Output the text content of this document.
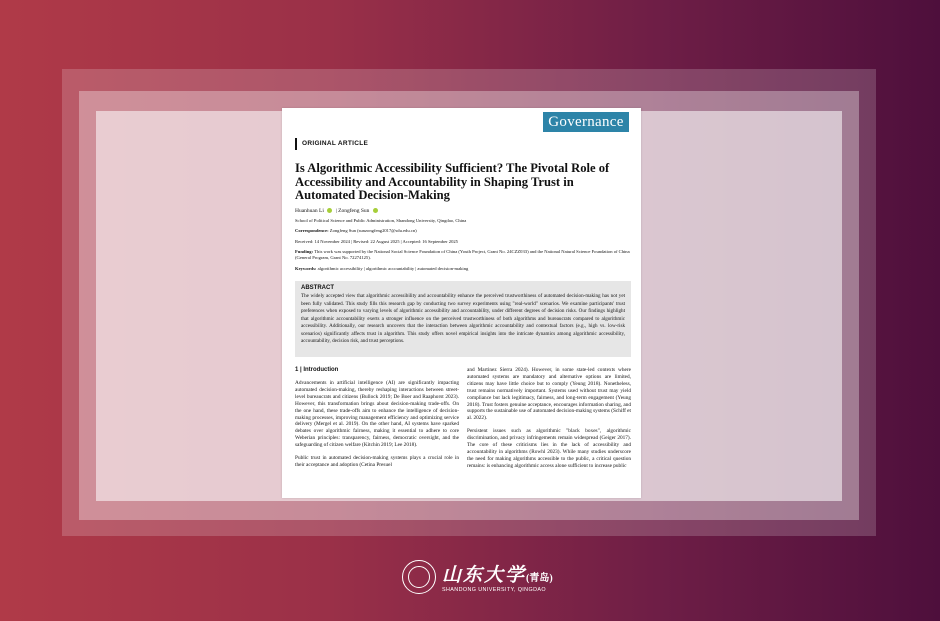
Governance
ORIGINAL ARTICLE
Is Algorithmic Accessibility Sufficient? The Pivotal Role of Accessibility and Accountability in Shaping Trust in Automated Decision-Making
Huanhuan Li | Zongfeng Sun
School of Political Science and Public Administration, Shandong University, Qingdao, China
Correspondence: Zongfeng Sun (sunzongfeng2017@sdu.edu.cn)
Received: 14 November 2024 | Revised: 22 August 2025 | Accepted: 16 September 2025
Funding: This work was supported by the National Social Science Foundation of China (Youth Project, Grant No. 24CZZ033) and the National Natural Science Foundation of China (General Program, Grant No. 72274125).
Keywords: algorithmic accessibility | algorithmic accountability | automated decision-making
ABSTRACT
The widely accepted view that algorithmic accessibility and accountability enhance the perceived trustworthiness of automated decision-making has not yet been fully validated. This study fills this research gap by conducting two survey experiments using "real-world" scenarios. We examine participants' trust preferences when exposed to varying levels of algorithmic accessibility and accountability, under different degrees of decision risks. Our findings highlight that algorithmic accountability exerts a stronger influence on the perceived trustworthiness of both algorithms and bureaucrats compared to algorithmic accessibility. Additionally, our research uncovers that the interaction between algorithmic accountability and contextual factors (e.g., high vs. low-risk scenarios) significantly affects trust in algorithm. This study offers novel empirical insights into the intricate dynamics among algorithmic accessibility, accountability, decision risk, and trust perceptions.
1 | Introduction

Advancements in artificial intelligence (AI) are significantly impacting automated decision-making, thereby reshaping interactions between street-level bureaucrats and citizens (Bullock 2019; De Boer and Raaphorst 2023). However, this transformation brings about decision-making trade-offs. On the one hand, these trade-offs aim to enhance the intelligence of decision-making processes, improving management efficiency and optimizing service delivery (Mergel et al. 2019). On the other hand, AI systems have sparked debates over algorithmic fairness, making it essential to adhere to core Weberian principles: transparency, fairness, democratic oversight, and the safeguarding of citizen welfare (Kitchin 2019; Lee 2018).

Public trust in automated decision-making systems plays a crucial role in their acceptance and adoption (Cetina Presuel

and Martinez Sierra 2024). However, in some state-led contexts where automated systems are mandatory and alternative options are limited, citizens may have little choice but to comply (Yeung 2018). Nonetheless, trust remains normatively important. Systems used without trust may yield compliance but lack legitimacy, fairness, and long-term engagement (Yeung 2018). Trust fosters genuine acceptance, encourages information sharing, and supports the sustainable use of automated decision-making systems (Schiff et al. 2022).

Persistent issues such as algorithmic "black boxes", algorithmic discrimination, and privacy infringements remain widespread (Geiger 2017). The core of these criticisms lies in the lack of accessibility and accountability in algorithms (Rowhl 2023). While many studies underscore the need for making algorithms accessible to the public, a critical question remains: is enhancing algorithmic access alone sufficient to increase public

山东大学(青岛)
SHANDONG UNIVERSITY, QINGDAO
